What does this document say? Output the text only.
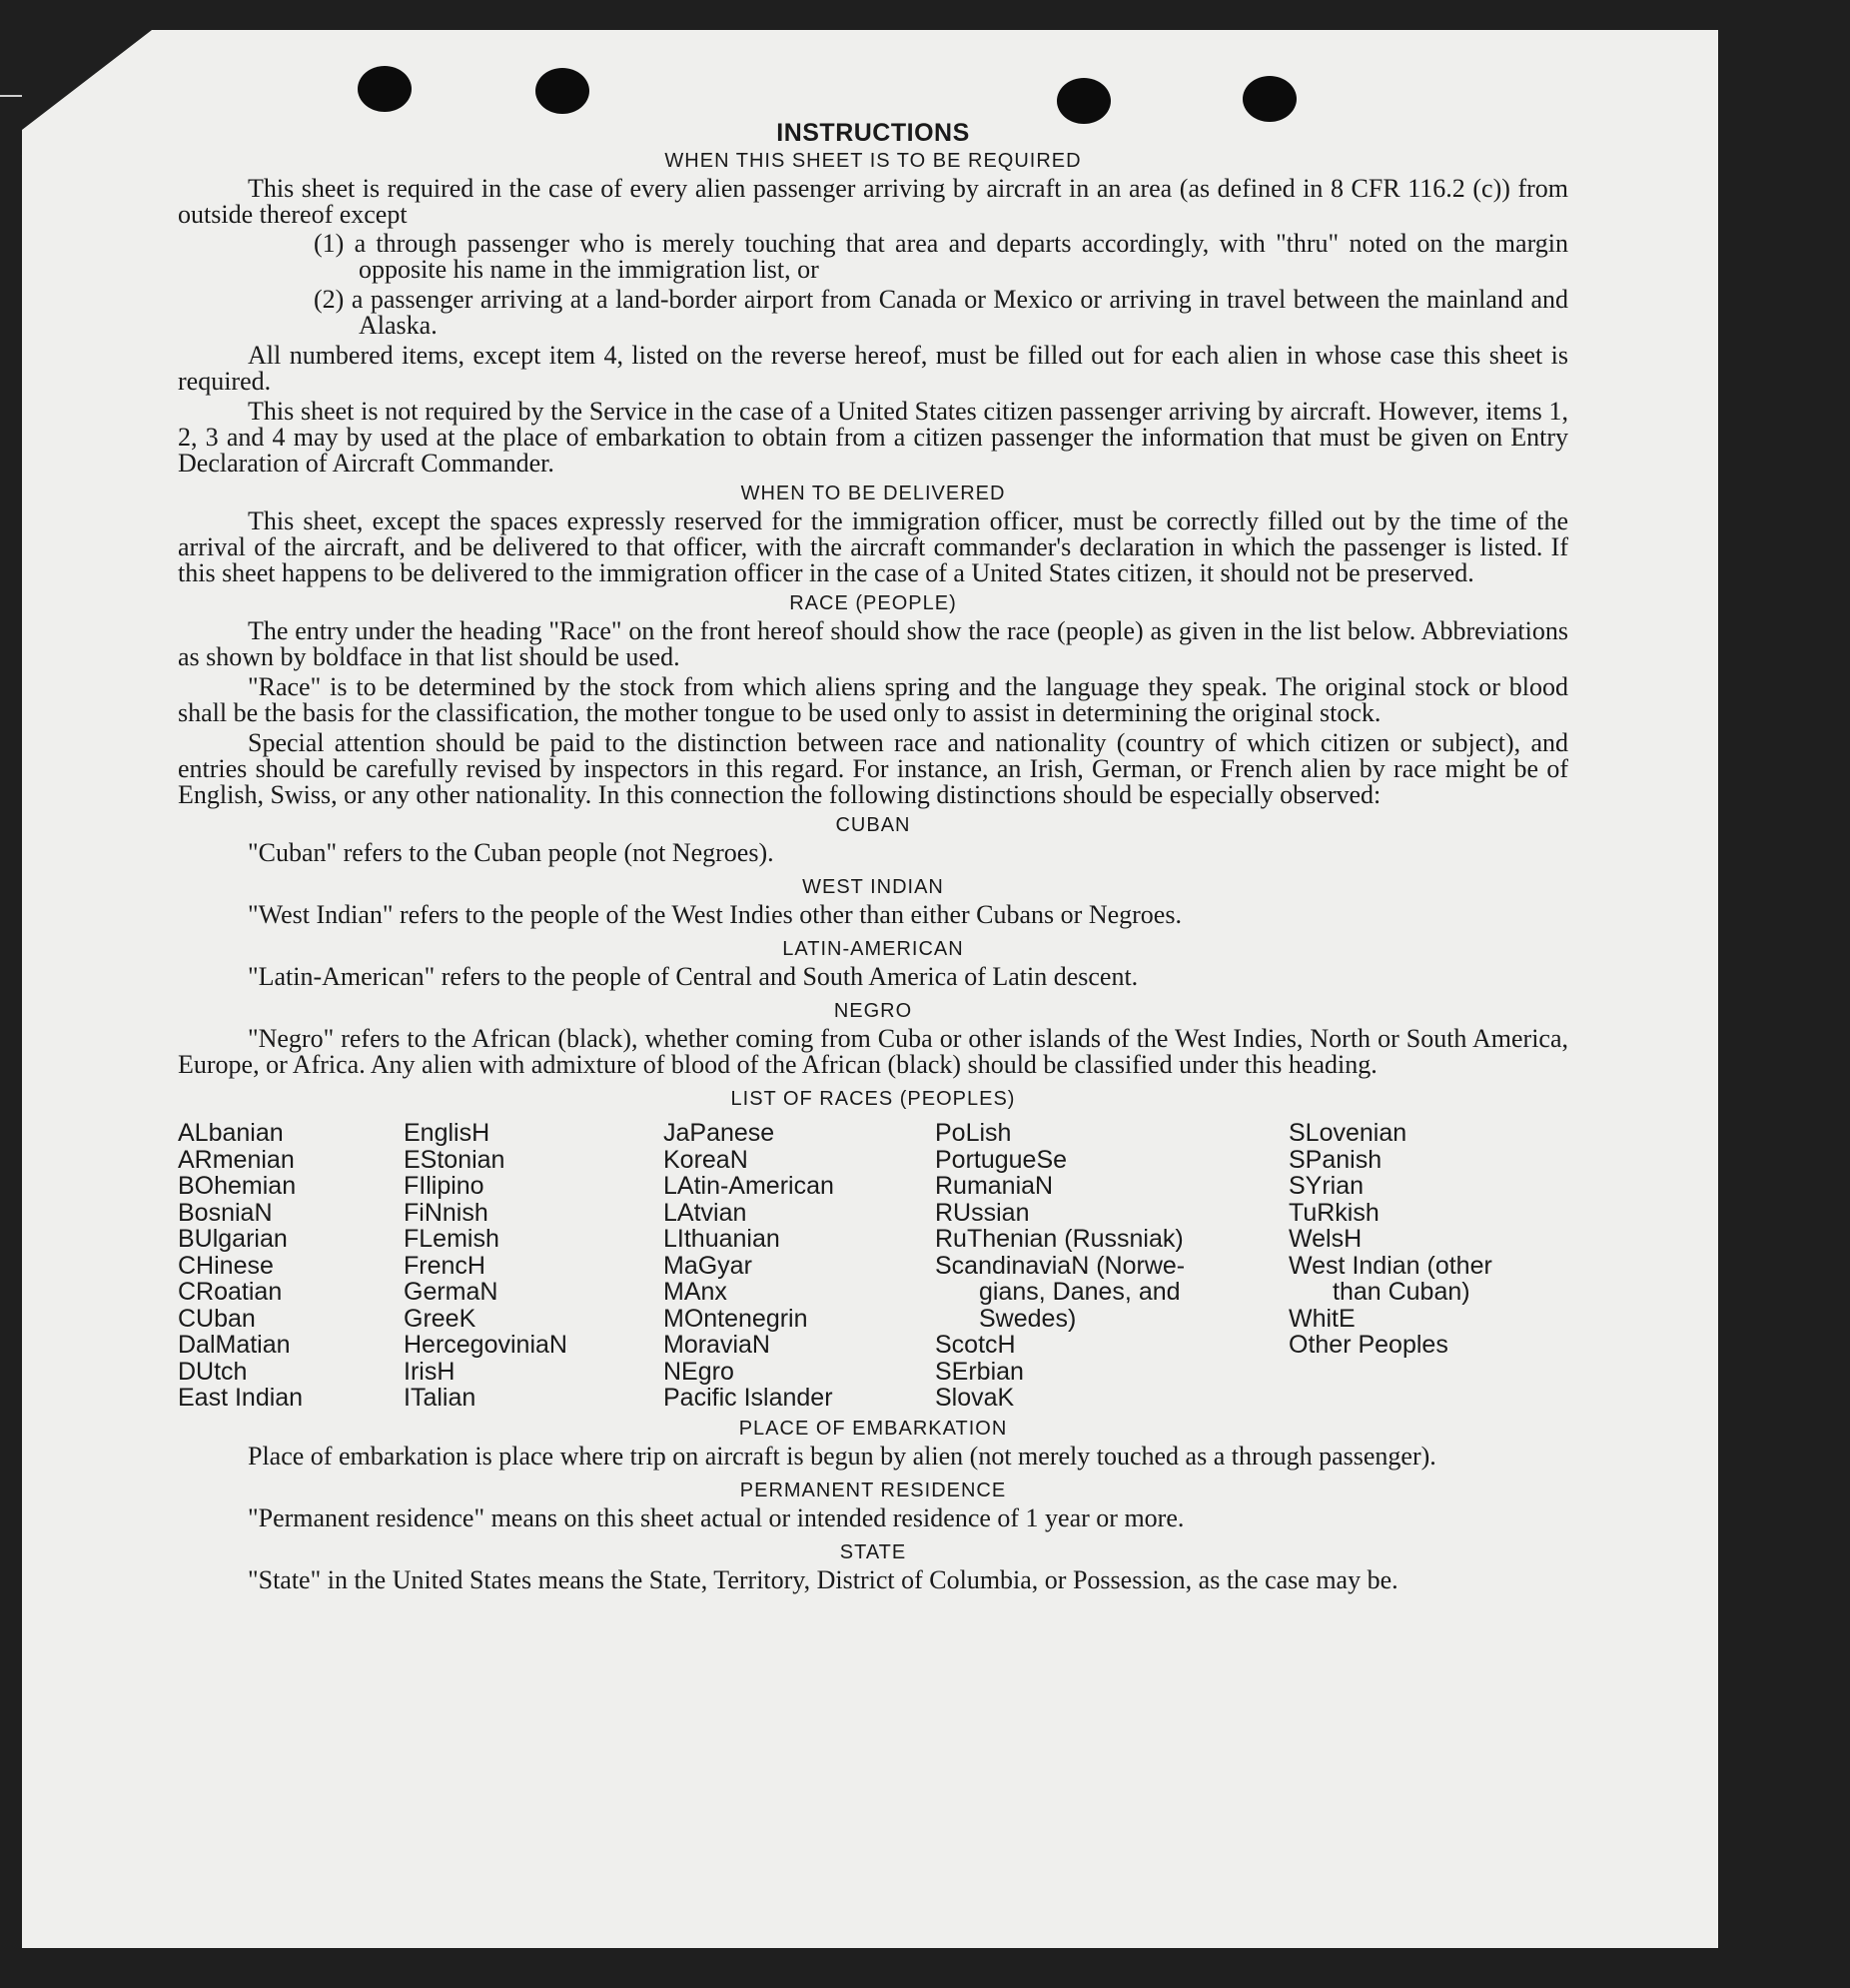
INSTRUCTIONS
WHEN THIS SHEET IS TO BE REQUIRED

This sheet is required in the case of every alien passenger arriving by aircraft in an area (as defined in 8 CFR 116.2 (c)) from outside thereof except

(1) a through passenger who is merely touching that area and departs accordingly, with "thru" noted on the margin opposite his name in the immigration list, or
(2) a passenger arriving at a land-border airport from Canada or Mexico or arriving in travel between the mainland and Alaska.

All numbered items, except item 4, listed on the reverse hereof, must be filled out for each alien in whose case this sheet is required.

This sheet is not required by the Service in the case of a United States citizen passenger arriving by aircraft. However, items 1, 2, 3 and 4 may by used at the place of embarkation to obtain from a citizen passenger the information that must be given on Entry Declaration of Aircraft Commander.

WHEN TO BE DELIVERED

This sheet, except the spaces expressly reserved for the immigration officer, must be correctly filled out by the time of the arrival of the aircraft, and be delivered to that officer, with the aircraft commander's declaration in which the passenger is listed. If this sheet happens to be delivered to the immigration officer in the case of a United States citizen, it should not be preserved.

RACE (PEOPLE)

The entry under the heading "Race" on the front hereof should show the race (people) as given in the list below. Abbreviations as shown by boldface in that list should be used.

"Race" is to be determined by the stock from which aliens spring and the language they speak. The original stock or blood shall be the basis for the classification, the mother tongue to be used only to assist in determining the original stock.

Special attention should be paid to the distinction between race and nationality (country of which citizen or subject), and entries should be carefully revised by inspectors in this regard. For instance, an Irish, German, or French alien by race might be of English, Swiss, or any other nationality. In this connection the following distinctions should be especially observed:

CUBAN

"Cuban" refers to the Cuban people (not Negroes).

WEST INDIAN

"West Indian" refers to the people of the West Indies other than either Cubans or Negroes.

LATIN-AMERICAN

"Latin-American" refers to the people of Central and South America of Latin descent.

NEGRO

"Negro" refers to the African (black), whether coming from Cuba or other islands of the West Indies, North or South America, Europe, or Africa. Any alien with admixture of blood of the African (black) should be classified under this heading.

LIST OF RACES (PEOPLES)
ALbanian
ARmenian
BOhemian
BosniaN
BUlgarian
CHinese
CRoatian
CUban
DalMatian
DUtch
East Indian
EnglisH
EStonian
FIlipino
FiNnish
FLemish
FrencH
GermaN
GreeK
HercegoviniaN
IrisH
ITalian
JaPanese
KoreaN
LAtin-American
LAtvian
LIthuanian
MaGyar
MAnx
MOntenegrin
MoraviaN
NEgro
Pacific Islander
PoLish
PortugueSe
RumaniaN
RUssian
RuThenian (Russniak)
ScandinaviaN (Norwe-
gians, Danes, and
Swedes)
ScotcH
SErbian
SlovaK
SLovenian
SPanish
SYrian
TuRkish
WelsH
West Indian (other
than Cuban)
WhitE
Other Peoples
PLACE OF EMBARKATION

Place of embarkation is place where trip on aircraft is begun by alien (not merely touched as a through passenger).

PERMANENT RESIDENCE

"Permanent residence" means on this sheet actual or intended residence of 1 year or more.

STATE

"State" in the United States means the State, Territory, District of Columbia, or Possession, as the case may be.
